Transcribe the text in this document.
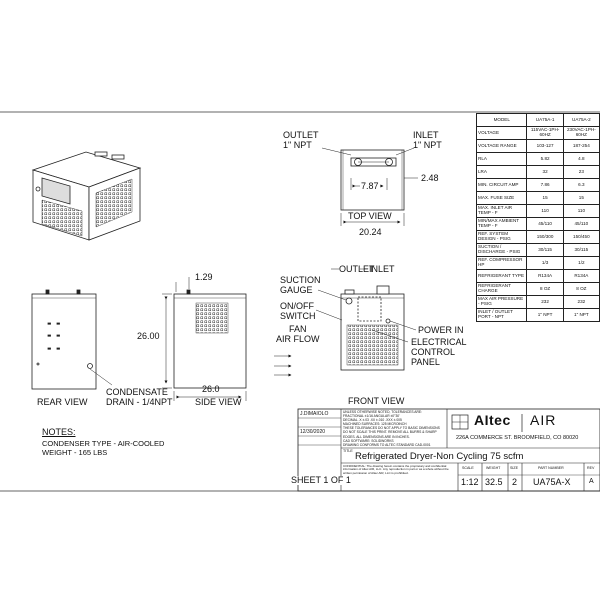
OUTLET
1" NPT
INLET
1" NPT
7.87
2.48
TOP VIEW
20.24
1.29
26.00
26.0
SUCTION
GAUGE
ON/OFF
SWITCH
FAN
AIR FLOW
OUTLET
INLET
POWER IN
ELECTRICAL
CONTROL
PANEL
REAR VIEW
CONDENSATE
DRAIN - 1/4NPT SIDE VIEW	FRONT VIEW
NOTES:
CONDENSER TYPE - AIR-COOLED
WEIGHT - 165 LBS
SHEET 1 OF 1
MODEL	UA75A-1	UA75A-2
VOLTAGE	115VAC-1PH-60HZ	230VAC-1PH-60HZ
VOLTAGE RANGE	103-127	187-254
RLA	5.82	4.8
LRA	32	23
MIN. CIRCUIT AMP	7.86	6.3
MAX. FUSE SIZE	15	15
MAX. INLET AIR TEMP - F	110	110
MIN/MAX AMBIENT TEMP - F	45/110	45/110
REF. SYSTEM DESIGN - PSIG	150/300	150/450
SUCTION / DISCHARGE - PSIG	30/115	30/115
REF. COMPRESSOR HP	1/3	1/2
REFRIGERANT TYPE	R134A	R134A
REFRIGERANT CHARGE	8 OZ	8 OZ
MAX AIR PRESSURE - PSIG	232	232
INLET / OUTLET PORT - NPT	1" NPT	1" NPT
J.DIMAIOLO
12/30/2020
UNLESS OTHERWISE NOTED, TOLERANCES ARE:
FRACTIONAL ±1/16 ANGULAR ±0°30'
DECIMAL .X ±.03 .XX ±.010 .XXX ±.005
MACHINED SURFACES: 125 MICROINCH
THESE TOLERANCES DO NOT APPLY TO BASIC DIMENSIONS
DO NOT SCALE THIS PRINT. REMOVE ALL BURRS & SHARP
EDGES. ALL DIMENSIONS ARE IN INCHES.
CAD SOFTWARE: SOLIDWORKS
DRAWING CONFORMS TO ALTEC STANDARD CAD-0001
AItec AIR
226A COMMERCE ST. BROOMFIELD, CO 80020
TITLE Refrigerated Dryer-Non Cycling 75 scfm
CONFIDENTIAL: The drawing herein contains the proprietary and confidential information of Altec AIR, LLC. Any reproduction in part or as a whole without the written permission of Altec AIR, LLC is prohibited.
SCALE	WEIGHT	SIZE	PART NUMBER	REV
1:12 32.5 2 UA75A-X	A
